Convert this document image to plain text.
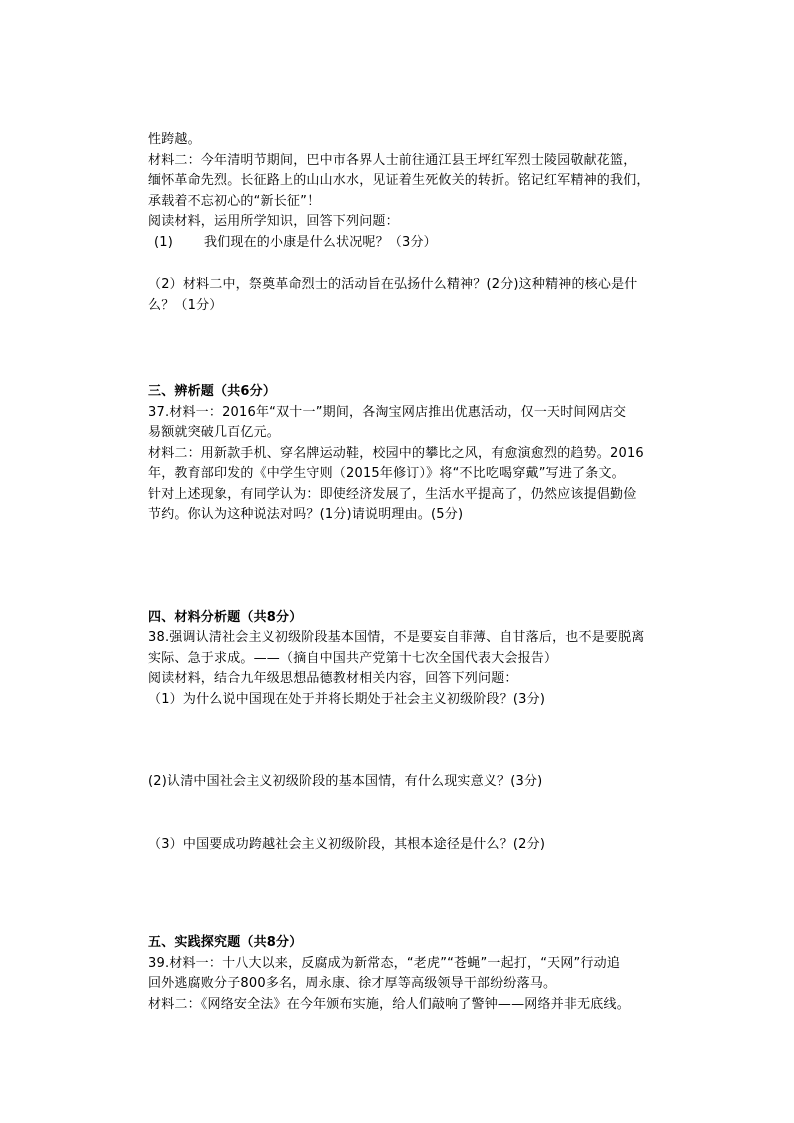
性跨越。
材料二：今年清明节期间，巴中市各界人士前往通江县王坪红军烈士陵园敬献花篮，
缅怀革命先烈。长征路上的山山水水，见证着生死攸关的转折。铭记红军精神的我们，
承载着不忘初心的“新长征”！
阅读材料，运用所学知识，回答下列问题：
(1) 我们现在的小康是什么状况呢？（3分）
（2）材料二中，祭奠革命烈士的活动旨在弘扬什么精神？(2分)这种精神的核心是什
么？（1分）
三、辨析题（共6分）
37.材料一：2016年“双十一”期间，各淘宝网店推出优惠活动，仅一天时间网店交
易额就突破几百亿元。
材料二：用新款手机、穿名牌运动鞋，校园中的攀比之风，有愈演愈烈的趋势。2016
年，教育部印发的《中学生守则（2015年修订）》将“不比吃喝穿戴”写进了条文。
针对上述现象，有同学认为：即使经济发展了，生活水平提高了，仍然应该提倡勤俭
节约。你认为这种说法对吗？(1分)请说明理由。(5分)
四、材料分析题（共8分）
38.强调认清社会主义初级阶段基本国情，不是要妄自菲薄、自甘落后，也不是要脱离
实际、急于求成。——（摘自中国共产党第十七次全国代表大会报告）
阅读材料，结合九年级思想品德教材相关内容，回答下列问题：
（1）为什么说中国现在处于并将长期处于社会主义初级阶段？(3分)
(2)认清中国社会主义初级阶段的基本国情，有什么现实意义？(3分)
（3）中国要成功跨越社会主义初级阶段，其根本途径是什么？(2分)
五、实践探究题（共8分）
39.材料一：十八大以来，反腐成为新常态，“老虎”“苍蝇”一起打，“天网”行动追
回外逃腐败分子800多名，周永康、徐才厚等高级领导干部纷纷落马。
材料二：《网络安全法》在今年颁布实施，给人们敲响了警钟——网络并非无底线。
